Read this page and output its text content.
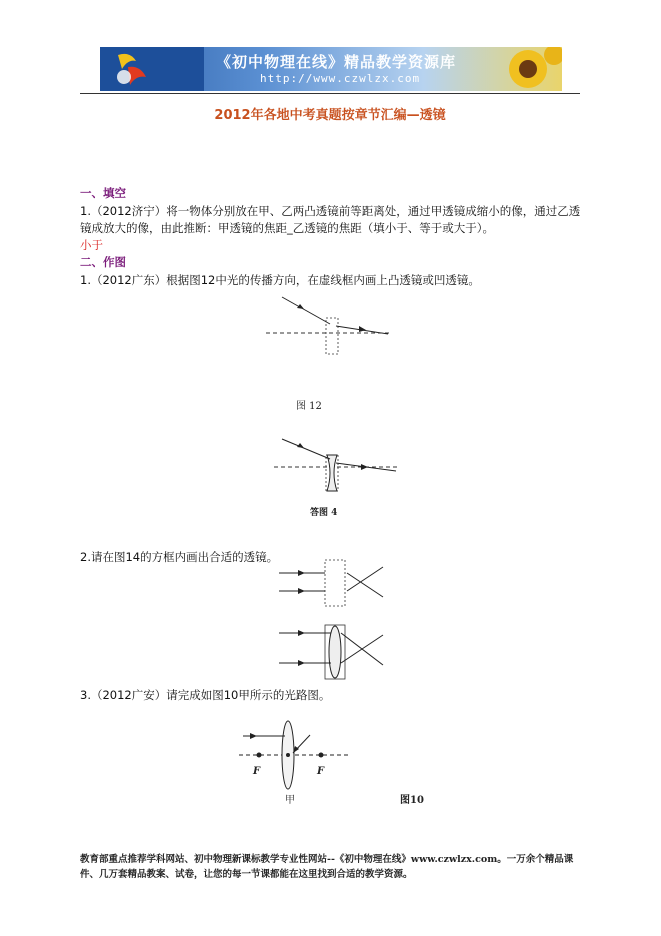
《初中物理在线》精品教学资源库
http://www.czwlzx.com
2012年各地中考真题按章节汇编—透镜
一、填空
1.（2012济宁）将一物体分别放在甲、乙两凸透镜前等距离处，通过甲透镜成缩小的像，通过乙透
镜成放大的像，由此推断：甲透镜的焦距_乙透镜的焦距（填小于、等于或大于）。
小于
二、作图
1.（2012广东）根据图12中光的传播方向，在虚线框内画上凸透镜或凹透镜。
图 12
答图 4
2.请在图14的方框内画出合适的透镜。
3.（2012广安）请完成如图10甲所示的光路图。
F	F
甲	图10
教育部重点推荐学科网站、初中物理新课标教学专业性网站--《初中物理在线》www.czwlzx.com。一万余个精品课
件、几万套精品教案、试卷，让您的每一节课都能在这里找到合适的教学资源。
